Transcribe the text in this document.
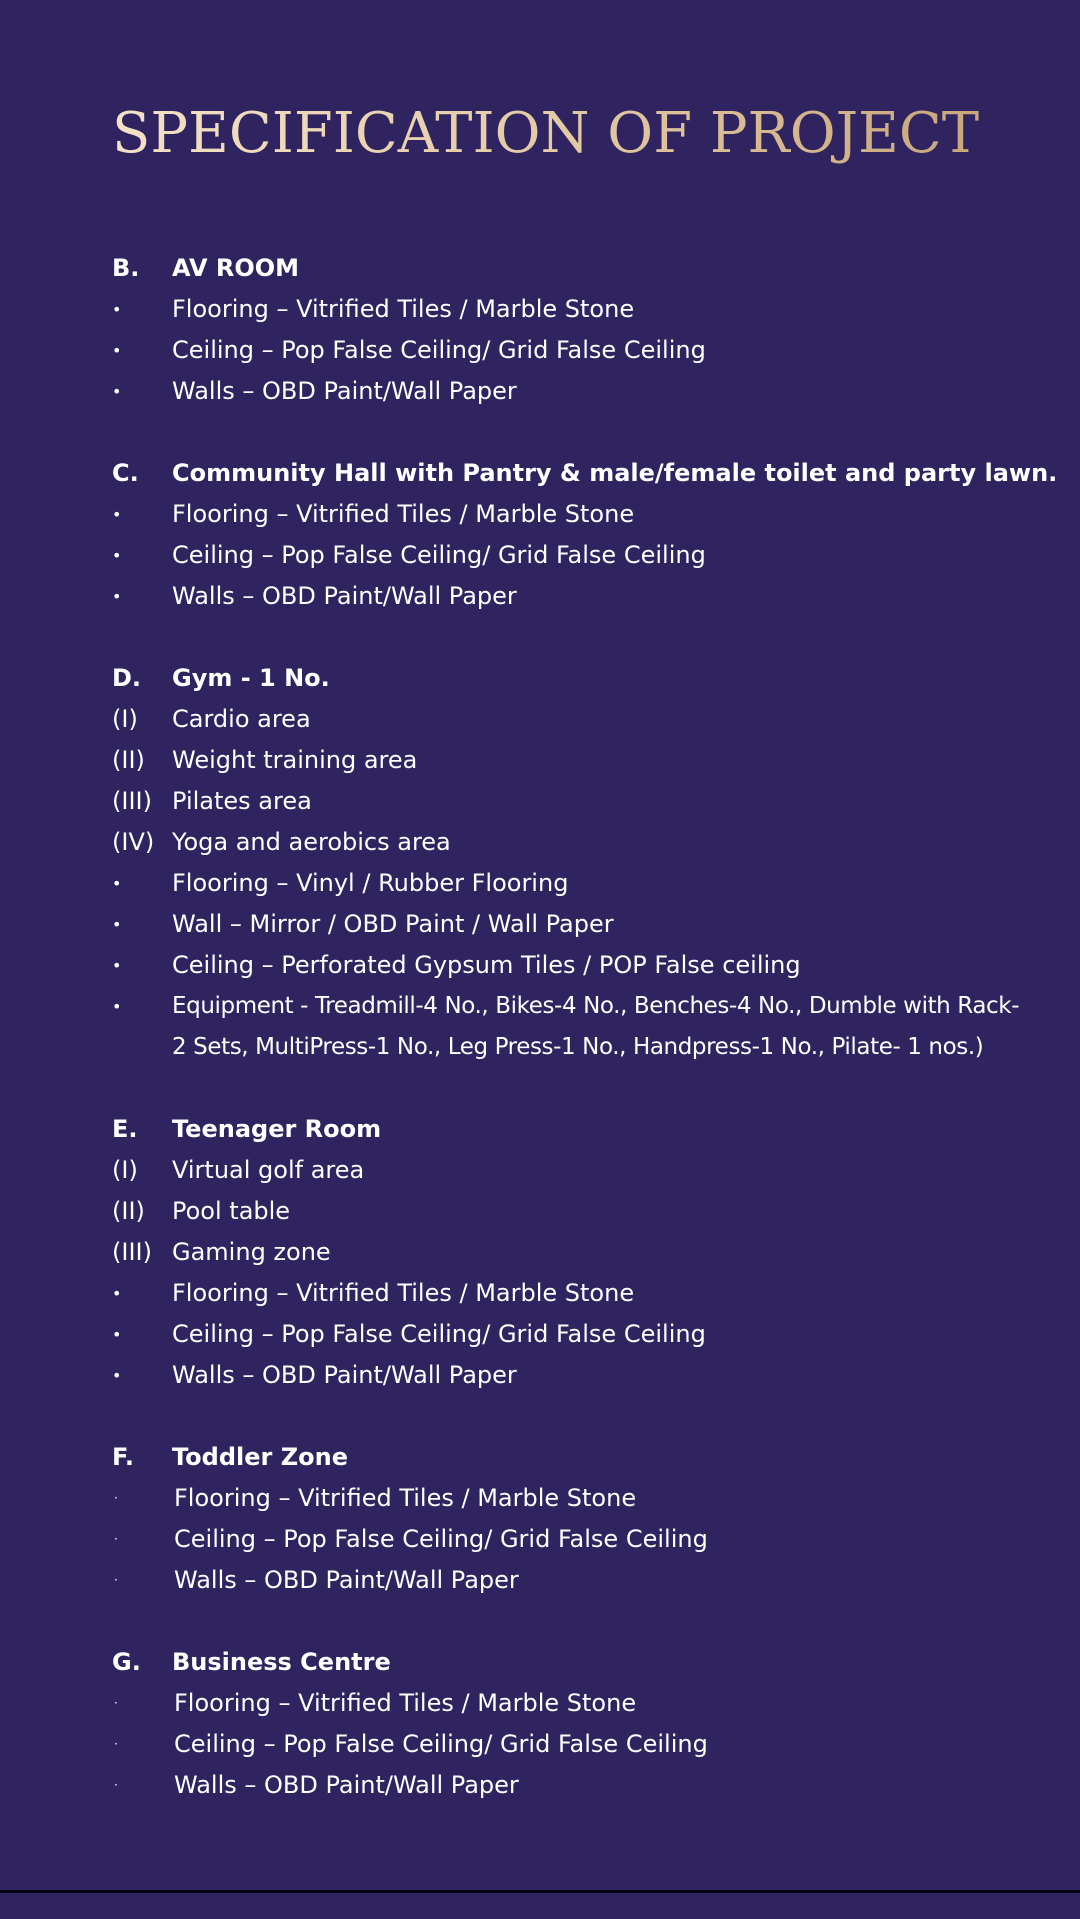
SPECIFICATION OF PROJECT
B.	AV ROOM
•	Flooring – Vitrified Tiles / Marble Stone
•	Ceiling – Pop False Ceiling/ Grid False Ceiling
•	Walls – OBD Paint/Wall Paper
C.	Community Hall with Pantry & male/female toilet and party lawn.
•	Flooring – Vitrified Tiles / Marble Stone
•	Ceiling – Pop False Ceiling/ Grid False Ceiling
•	Walls – OBD Paint/Wall Paper
D.	Gym - 1 No.
(I)	Cardio area
(II)	Weight training area
(III) Pilates area
(IV) Yoga and aerobics area
•	Flooring – Vinyl / Rubber Flooring
•	Wall – Mirror / OBD Paint / Wall Paper
•	Ceiling – Perforated Gypsum Tiles / POP False ceiling
•	Equipment - Treadmill-4 No., Bikes-4 No., Benches-4 No., Dumble with Rack-2 Sets, MultiPress-1 No., Leg Press-1 No., Handpress-1 No., Pilate- 1 nos.)
E.	Teenager Room
(I)	Virtual golf area
(II)	Pool table
(III) Gaming zone
•	Flooring – Vitrified Tiles / Marble Stone
•	Ceiling – Pop False Ceiling/ Grid False Ceiling
•	Walls – OBD Paint/Wall Paper
F.	Toddler Zone
·	Flooring – Vitrified Tiles / Marble Stone
·	Ceiling – Pop False Ceiling/ Grid False Ceiling
·	Walls – OBD Paint/Wall Paper
G.	Business Centre
·	Flooring – Vitrified Tiles / Marble Stone
·	Ceiling – Pop False Ceiling/ Grid False Ceiling
·	Walls – OBD Paint/Wall Paper
